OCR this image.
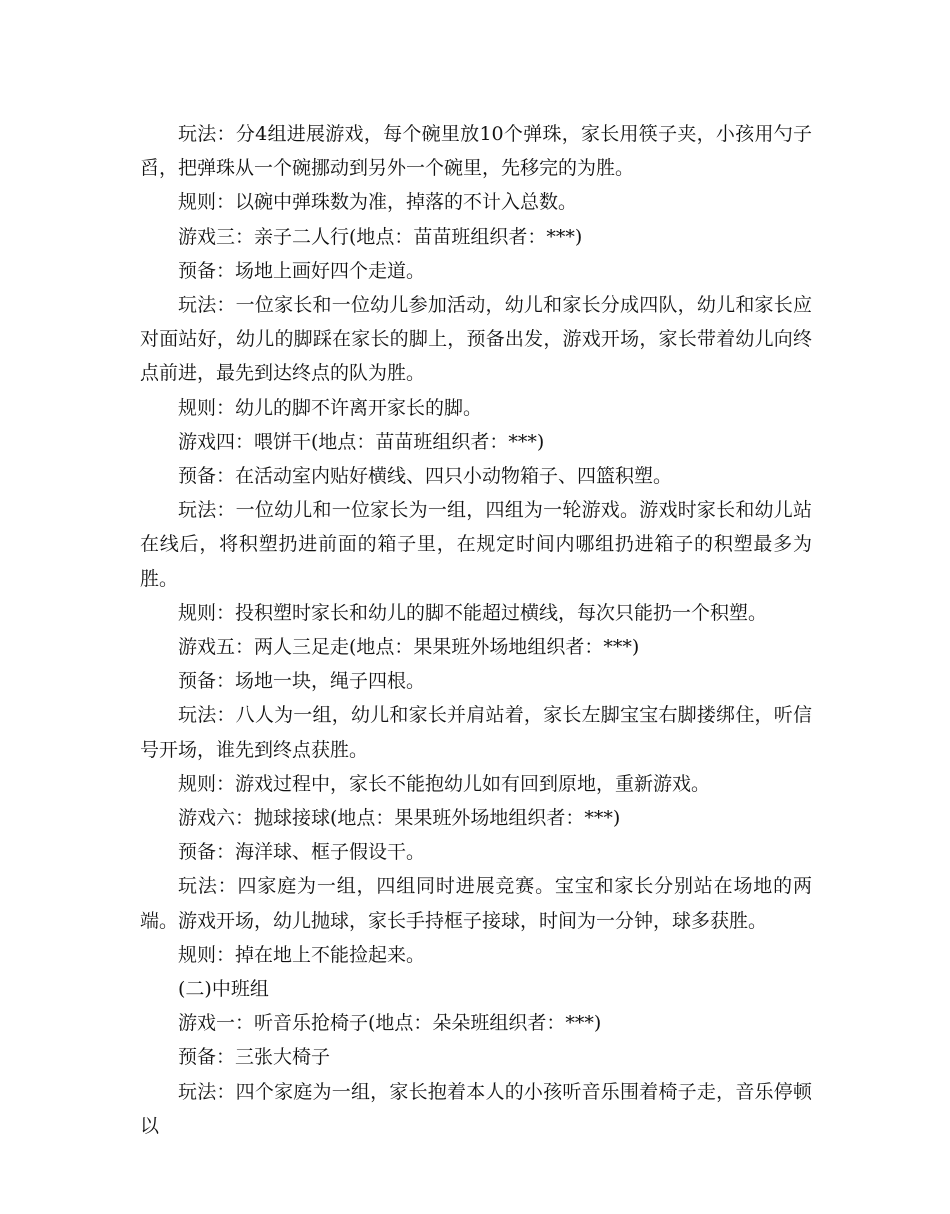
玩法：分4组进展游戏，每个碗里放10个弹珠，家长用筷子夹，小孩用勺子舀，把弹珠从一个碗挪动到另外一个碗里，先移完的为胜。

规则：以碗中弹珠数为准，掉落的不计入总数。

游戏三：亲子二人行(地点：苗苗班组织者：***)

预备：场地上画好四个走道。

玩法：一位家长和一位幼儿参加活动，幼儿和家长分成四队，幼儿和家长应对面站好，幼儿的脚踩在家长的脚上，预备出发，游戏开场，家长带着幼儿向终点前进，最先到达终点的队为胜。

规则：幼儿的脚不许离开家长的脚。

游戏四：喂饼干(地点：苗苗班组织者：***)

预备：在活动室内贴好横线、四只小动物箱子、四篮积塑。

玩法：一位幼儿和一位家长为一组，四组为一轮游戏。游戏时家长和幼儿站在线后，将积塑扔进前面的箱子里，在规定时间内哪组扔进箱子的积塑最多为胜。

规则：投积塑时家长和幼儿的脚不能超过横线，每次只能扔一个积塑。

游戏五：两人三足走(地点：果果班外场地组织者：***)

预备：场地一块，绳子四根。

玩法：八人为一组，幼儿和家长并肩站着，家长左脚宝宝右脚搂绑住，听信号开场，谁先到终点获胜。

规则：游戏过程中，家长不能抱幼儿如有回到原地，重新游戏。

游戏六：抛球接球(地点：果果班外场地组织者：***)

预备：海洋球、框子假设干。

玩法：四家庭为一组，四组同时进展竞赛。宝宝和家长分别站在场地的两端。游戏开场，幼儿抛球，家长手持框子接球，时间为一分钟，球多获胜。

规则：掉在地上不能捡起来。

(二)中班组

游戏一：听音乐抢椅子(地点：朵朵班组织者：***)

预备：三张大椅子

玩法：四个家庭为一组，家长抱着本人的小孩听音乐围着椅子走，音乐停顿以
